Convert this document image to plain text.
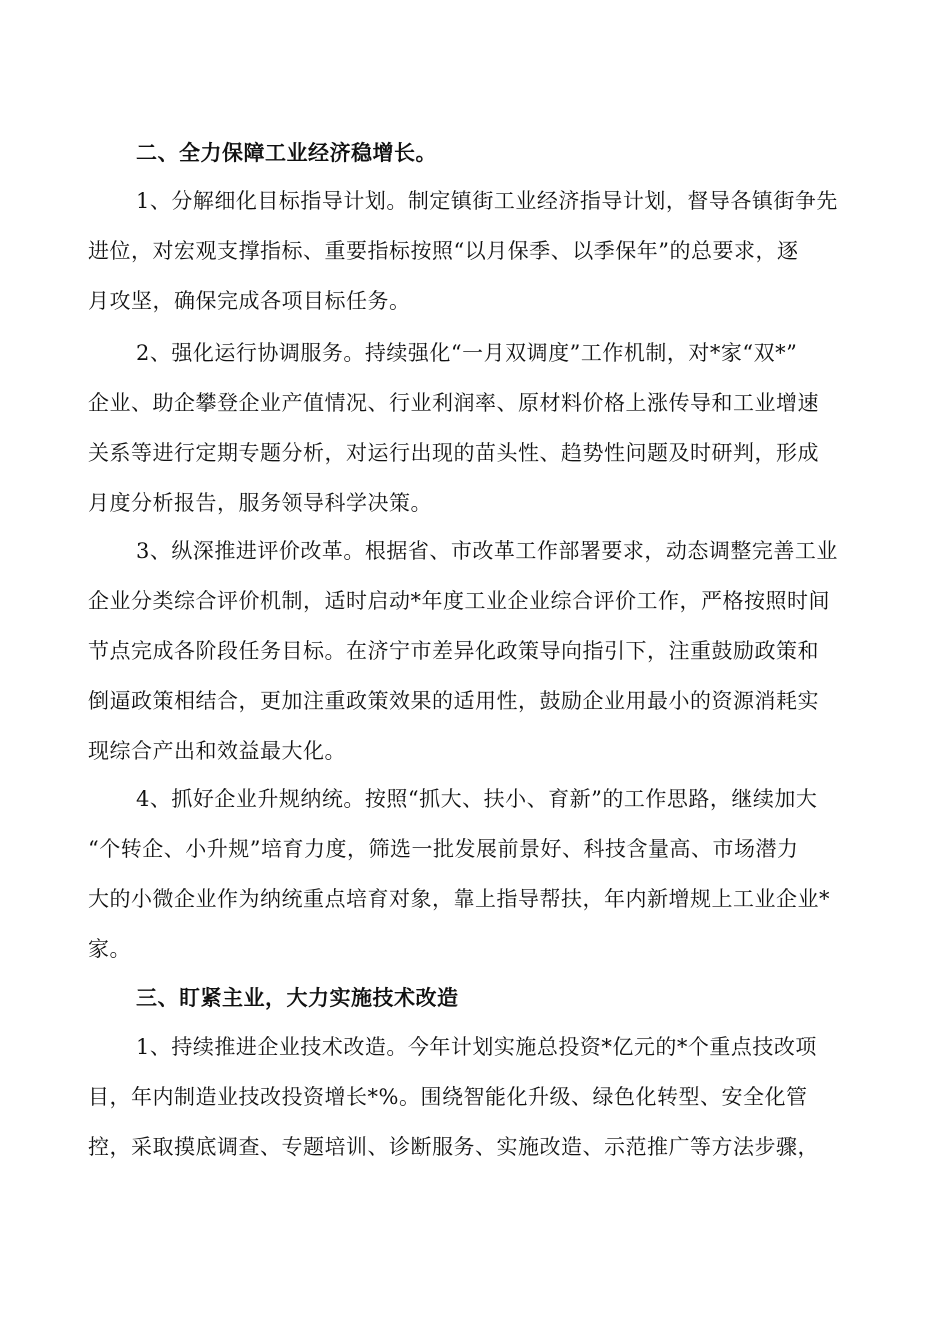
二、全力保障工业经济稳增长。
1、分解细化目标指导计划。制定镇街工业经济指导计划，督导各镇街争先
进位，对宏观支撑指标、重要指标按照“以月保季、以季保年”的总要求，逐
月攻坚，确保完成各项目标任务。
2、强化运行协调服务。持续强化“一月双调度”工作机制，对*家“双*”
企业、助企攀登企业产值情况、行业利润率、原材料价格上涨传导和工业增速
关系等进行定期专题分析，对运行出现的苗头性、趋势性问题及时研判，形成
月度分析报告，服务领导科学决策。
3、纵深推进评价改革。根据省、市改革工作部署要求，动态调整完善工业
企业分类综合评价机制，适时启动*年度工业企业综合评价工作，严格按照时间
节点完成各阶段任务目标。在济宁市差异化政策导向指引下，注重鼓励政策和
倒逼政策相结合，更加注重政策效果的适用性，鼓励企业用最小的资源消耗实
现综合产出和效益最大化。
4、抓好企业升规纳统。按照“抓大、扶小、育新”的工作思路，继续加大
“个转企、小升规”培育力度，筛选一批发展前景好、科技含量高、市场潜力
大的小微企业作为纳统重点培育对象，靠上指导帮扶，年内新增规上工业企业*
家。
三、盯紧主业，大力实施技术改造
1、持续推进企业技术改造。今年计划实施总投资*亿元的*个重点技改项
目，年内制造业技改投资增长*%。围绕智能化升级、绿色化转型、安全化管
控，采取摸底调查、专题培训、诊断服务、实施改造、示范推广等方法步骤，
